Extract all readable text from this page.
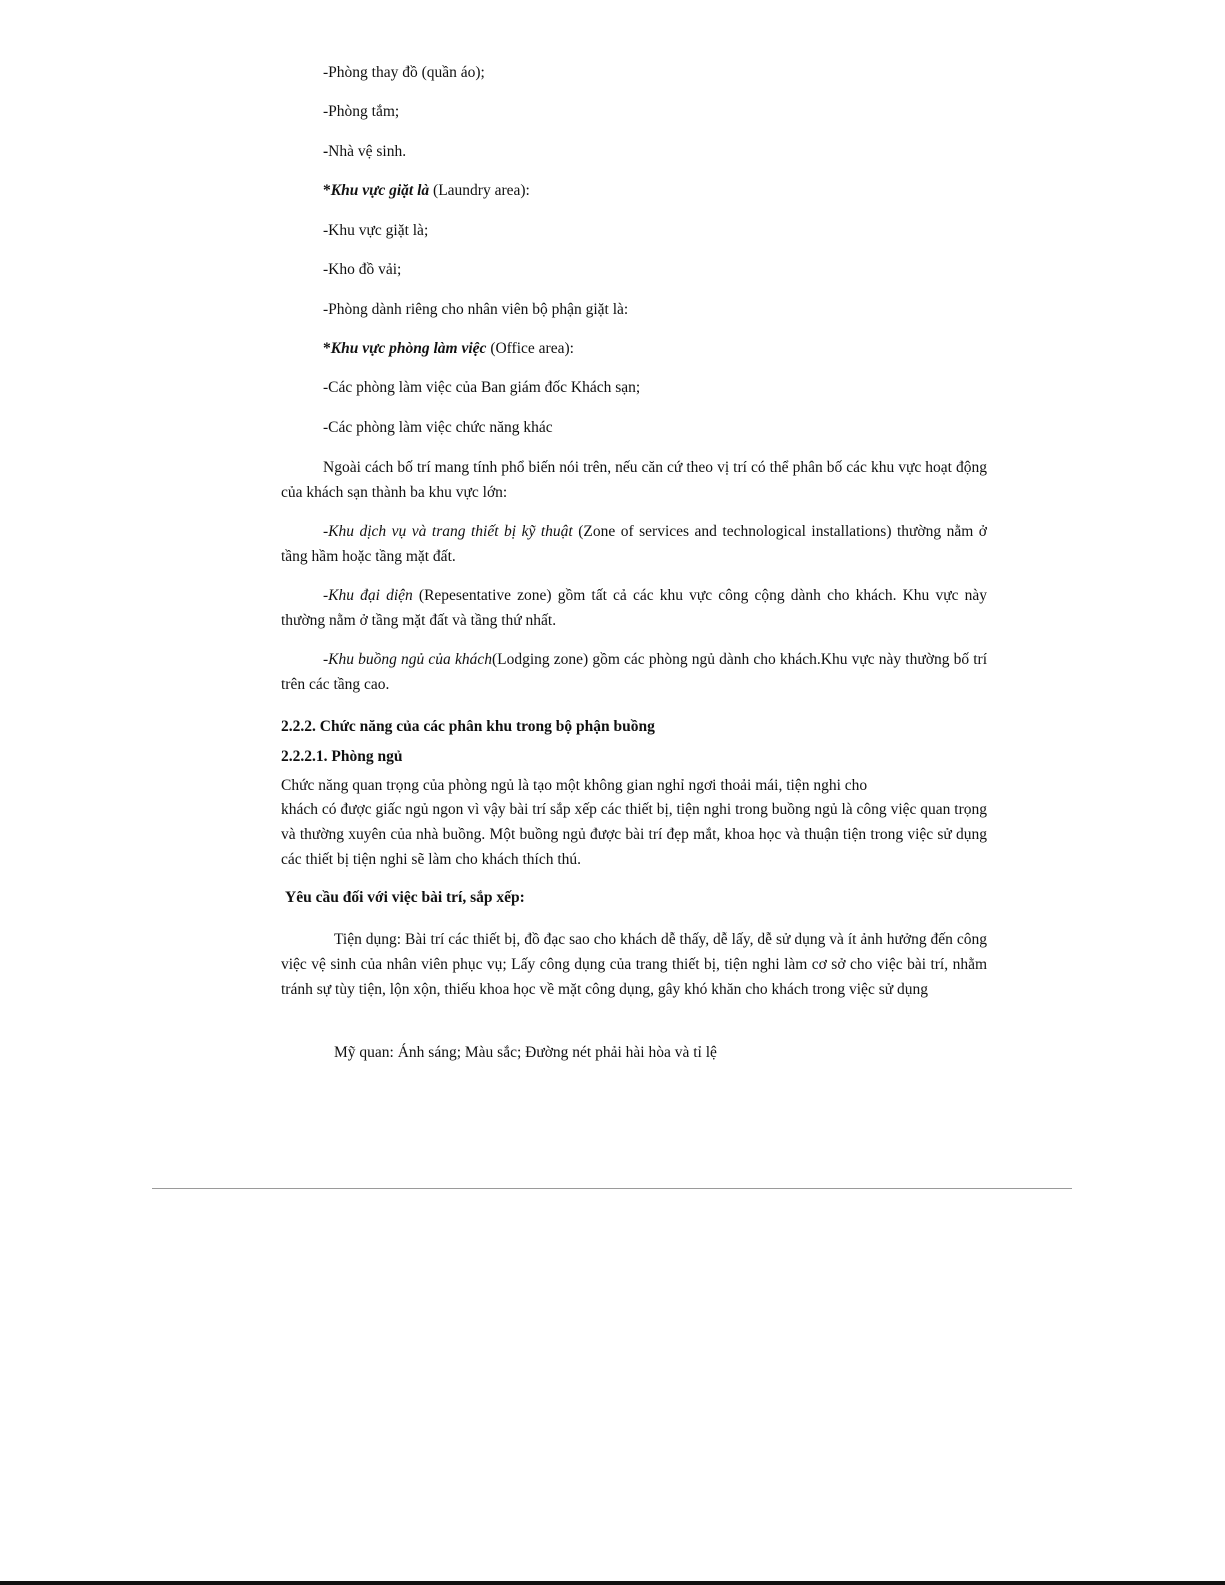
-Phòng thay đồ (quần áo);
-Phòng tắm;
-Nhà vệ sinh.
*Khu vực giặt là (Laundry area):
-Khu vực giặt là;
-Kho đồ vải;
-Phòng dành riêng cho nhân viên bộ phận giặt là:
*Khu vực phòng làm việc (Office area):
-Các phòng làm việc của Ban giám đốc Khách sạn;
-Các phòng làm việc chức năng khác
Ngoài cách bố trí mang tính phổ biến nói trên, nếu căn cứ theo vị trí có thể phân bố các khu vực hoạt động của khách sạn thành ba khu vực lớn:
-Khu dịch vụ và trang thiết bị kỹ thuật (Zone of services and technological installations) thường nằm ở tầng hầm hoặc tầng mặt đất.
-Khu đại diện (Repesentative zone) gồm tất cả các khu vực công cộng dành cho khách. Khu vực này thường nằm ở tầng mặt đất và tầng thứ nhất.
-Khu buồng ngủ của khách(Lodging zone) gồm các phòng ngủ dành cho khách.Khu vực này thường bố trí trên các tầng cao.
2.2.2. Chức năng của các phân khu trong bộ phận buồng
2.2.2.1. Phòng ngủ
Chức năng quan trọng của phòng ngủ là tạo một không gian nghỉ ngơi thoải mái, tiện nghi cho
khách có được giấc ngủ ngon vì vậy bài trí sắp xếp các thiết bị, tiện nghi trong buồng ngủ là công việc quan trọng và thường xuyên của nhà buồng. Một buồng ngủ được bài trí đẹp mắt, khoa học và thuận tiện trong việc sử dụng các thiết bị tiện nghi sẽ làm cho khách thích thú.
Yêu cầu đối với việc bài trí, sắp xếp:
Tiện dụng: Bài trí các thiết bị, đồ đạc sao cho khách dễ thấy, dễ lấy, dễ sử dụng và ít ảnh hưởng đến công việc vệ sinh của nhân viên phục vụ; Lấy công dụng của trang thiết bị, tiện nghi làm cơ sở cho việc bài trí, nhằm tránh sự tùy tiện, lộn xộn, thiếu khoa học về mặt công dụng, gây khó khăn cho khách trong việc sử dụng
Mỹ quan: Ánh sáng; Màu sắc; Đường nét phải hài hòa và tỉ lệ
